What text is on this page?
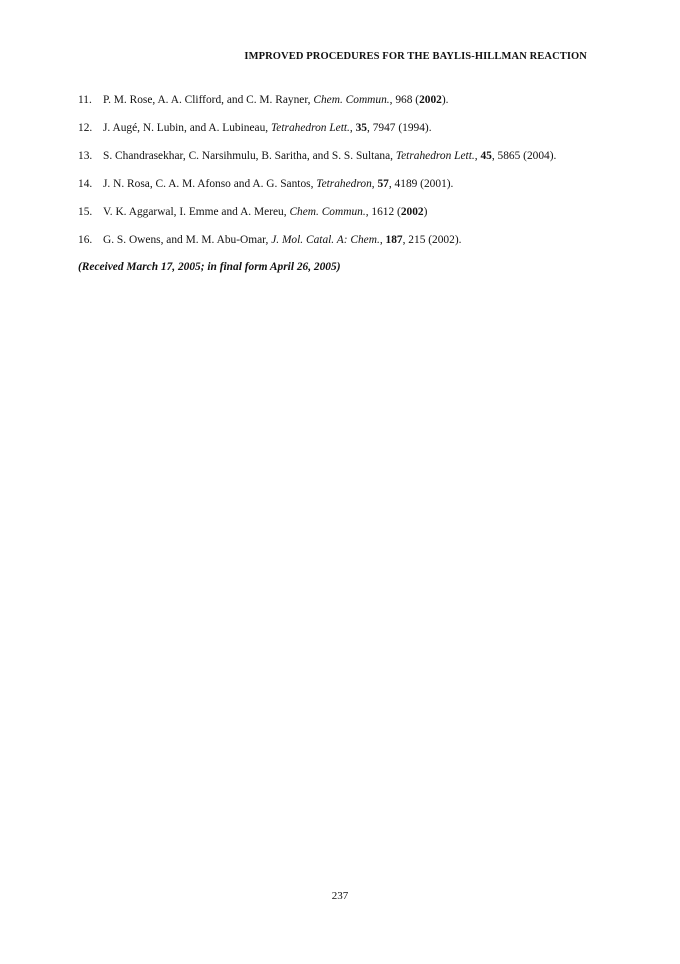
IMPROVED PROCEDURES FOR THE BAYLIS-HILLMAN REACTION
11. P. M. Rose, A. A. Clifford, and C. M. Rayner, Chem. Commun., 968 (2002).
12. J. Augé, N. Lubin, and A. Lubineau, Tetrahedron Lett., 35, 7947 (1994).
13. S. Chandrasekhar, C. Narsihmulu, B. Saritha, and S. S. Sultana, Tetrahedron Lett., 45, 5865 (2004).
14. J. N. Rosa, C. A. M. Afonso and A. G. Santos, Tetrahedron, 57, 4189 (2001).
15. V. K. Aggarwal, I. Emme and A. Mereu, Chem. Commun., 1612 (2002)
16. G. S. Owens, and M. M. Abu-Omar, J. Mol. Catal. A: Chem., 187, 215 (2002).
(Received March 17, 2005; in final form April 26, 2005)
237
